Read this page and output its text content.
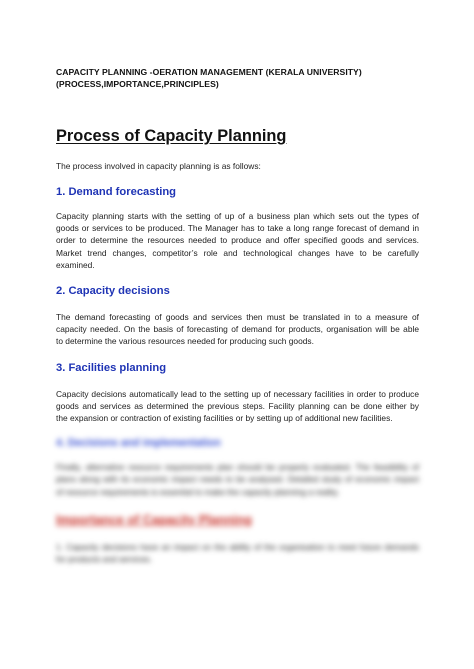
CAPACITY PLANNING -OERATION MANAGEMENT (KERALA UNIVERSITY)
(PROCESS,IMPORTANCE,PRINCIPLES)
Process of Capacity Planning
The process involved in capacity planning is as follows:
1. Demand forecasting
Capacity planning starts with the setting of up of a business plan which sets out the types of
goods or services to be produced. The Manager has to take a long range forecast of demand in
order to determine the resources needed to produce and offer specified goods and services.
Market trend changes, competitor’s role and technological changes have to be carefully
examined.
2. Capacity decisions
The demand forecasting of goods and services then must be translated in to a measure of
capacity needed. On the basis of forecasting of demand for products, organisation will be able
to determine the various resources needed for producing such goods.
3. Facilities planning
Capacity decisions automatically lead to the setting up of necessary facilities in order to produce
goods and services as determined the previous steps. Facility planning can be done either by
the expansion or contraction of existing facilities or by setting up of additional new facilities.
4. Decisions and implementation
Finally, alternative resource requirements plan should be properly evaluated. The feasibility of
plans along with its economic impact needs to be analysed. Detailed study of economic impact
of resource requirements is essential to make the capacity planning a reality.
Importance of Capacity Planning
1. Capacity decisions have an impact on the ability of the organisation to meet future demands
for products and services.
